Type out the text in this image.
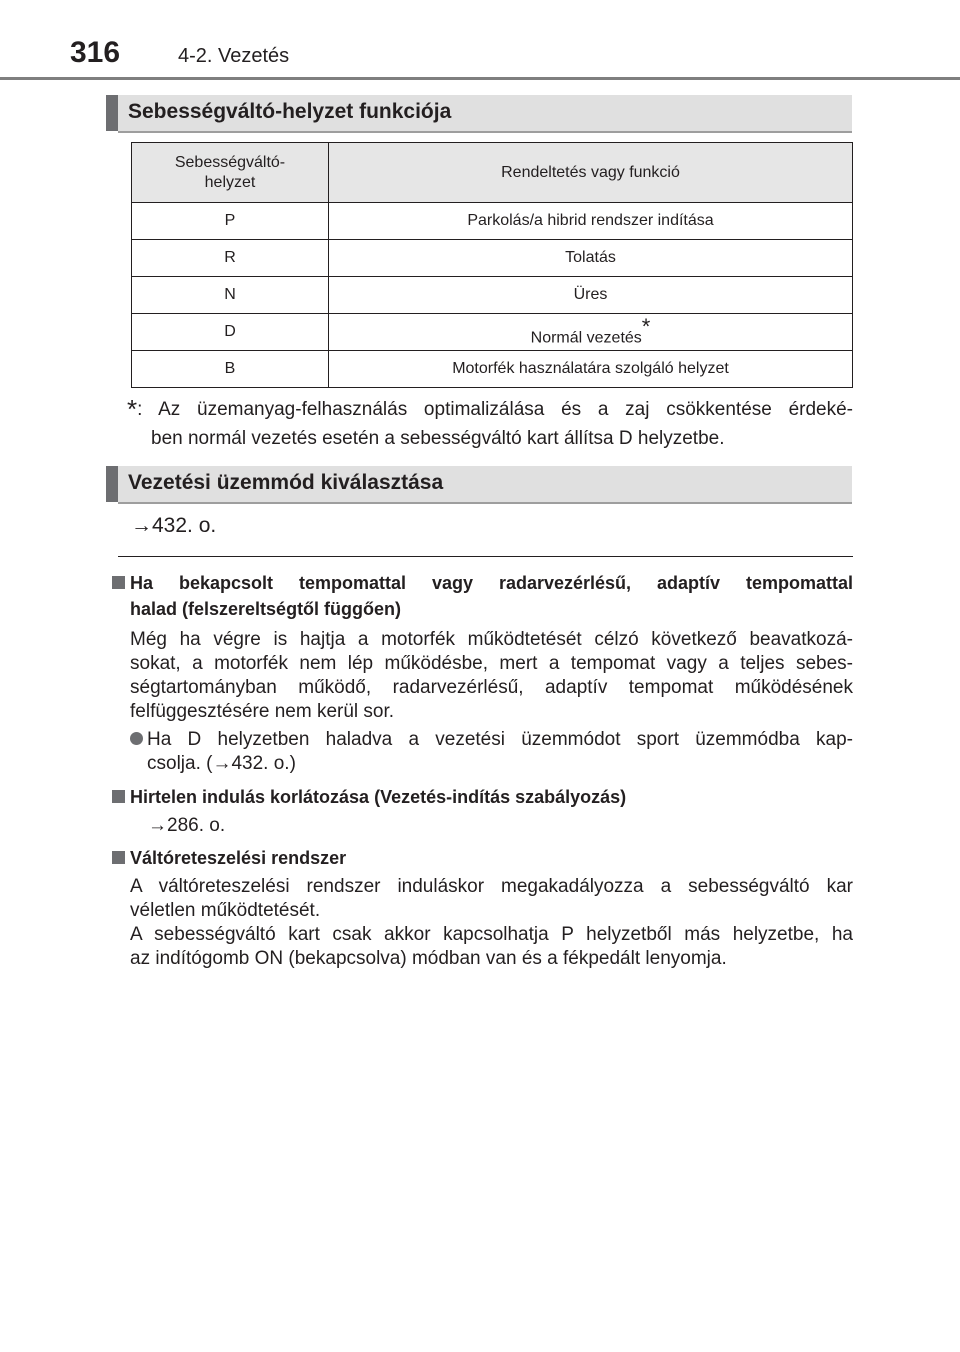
316	4-2. Vezetés
Sebességváltó-helyzet funkciója
Sebességváltó-
helyzet	Rendeltetés vagy funkció
P	Parkolás/a hibrid rendszer indítása
R	Tolatás
N	Üres
D	Normál vezetés*
B	Motorfék használatára szolgáló helyzet
*: Az üzemanyag-felhasználás optimalizálása és a zaj csökkentése érdeké-
ben normál vezetés esetén a sebességváltó kart állítsa D helyzetbe.
Vezetési üzemmód kiválasztása
→432. o.
Ha bekapcsolt tempomattal vagy radarvezérlésű, adaptív tempomattal
halad (felszereltségtől függően)
Még ha végre is hajtja a motorfék működtetését célzó következő beavatkozá-
sokat, a motorfék nem lép működésbe, mert a tempomat vagy a teljes sebes-
ségtartományban működő, radarvezérlésű, adaptív tempomat működésének
felfüggesztésére nem kerül sor.
Ha D helyzetben haladva a vezetési üzemmódot sport üzemmódba kap-
csolja. (→432. o.)
Hirtelen indulás korlátozása (Vezetés-indítás szabályozás)
→286. o.
Váltóreteszelési rendszer
A váltóreteszelési rendszer induláskor megakadályozza a sebességváltó kar
véletlen működtetését.
A sebességváltó kart csak akkor kapcsolhatja P helyzetből más helyzetbe, ha
az indítógomb ON (bekapcsolva) módban van és a fékpedált lenyomja.
